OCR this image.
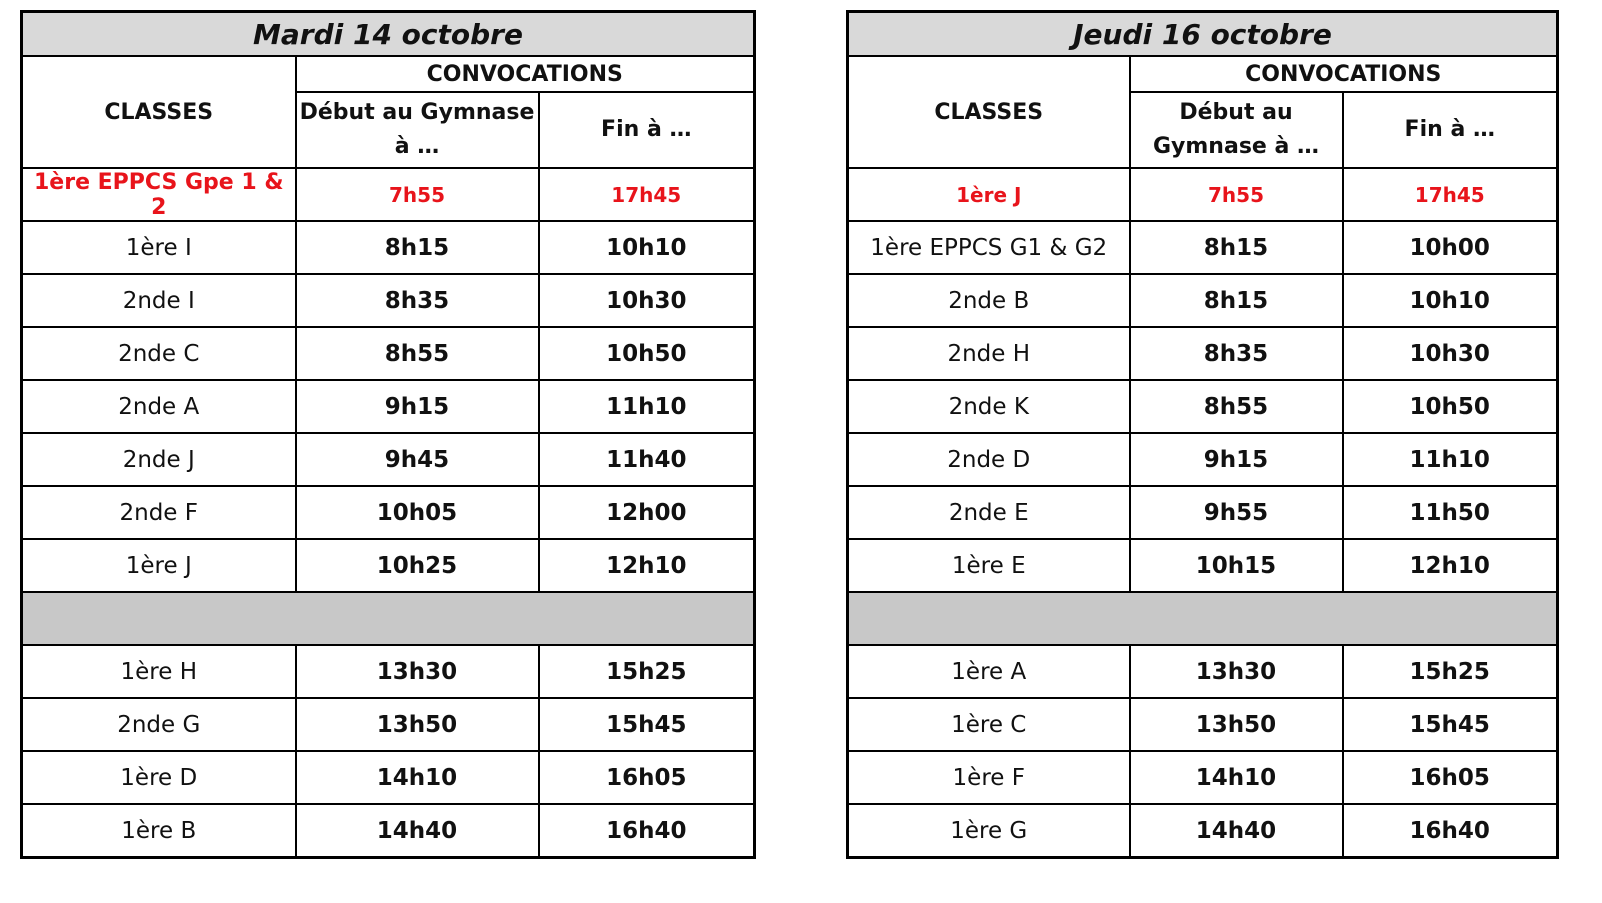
Mardi 14 octobre		
CLASSES	CONVOCATIONS	
	Début au Gymnase à …	Fin à …
1ère EPPCS Gpe 1 & 2	7h55	17h45
1ère I	8h15	10h10
2nde I	8h35	10h30
2nde C	8h55	10h50
2nde A	9h15	11h10
2nde J	9h45	11h40
2nde F	10h05	12h00
1ère J	10h25	12h10

1ère H	13h30	15h25
2nde G	13h50	15h45
1ère D	14h10	16h05
1ère B	14h40	16h40
Jeudi 16 octobre		
CLASSES	CONVOCATIONS	
	Début au Gymnase à …	Fin à …
1ère J	7h55	17h45
1ère EPPCS G1 & G2	8h15	10h00
2nde B	8h15	10h10
2nde H	8h35	10h30
2nde K	8h55	10h50
2nde D	9h15	11h10
2nde E	9h55	11h50
1ère E	10h15	12h10

1ère A	13h30	15h25
1ère C	13h50	15h45
1ère F	14h10	16h05
1ère G	14h40	16h40
